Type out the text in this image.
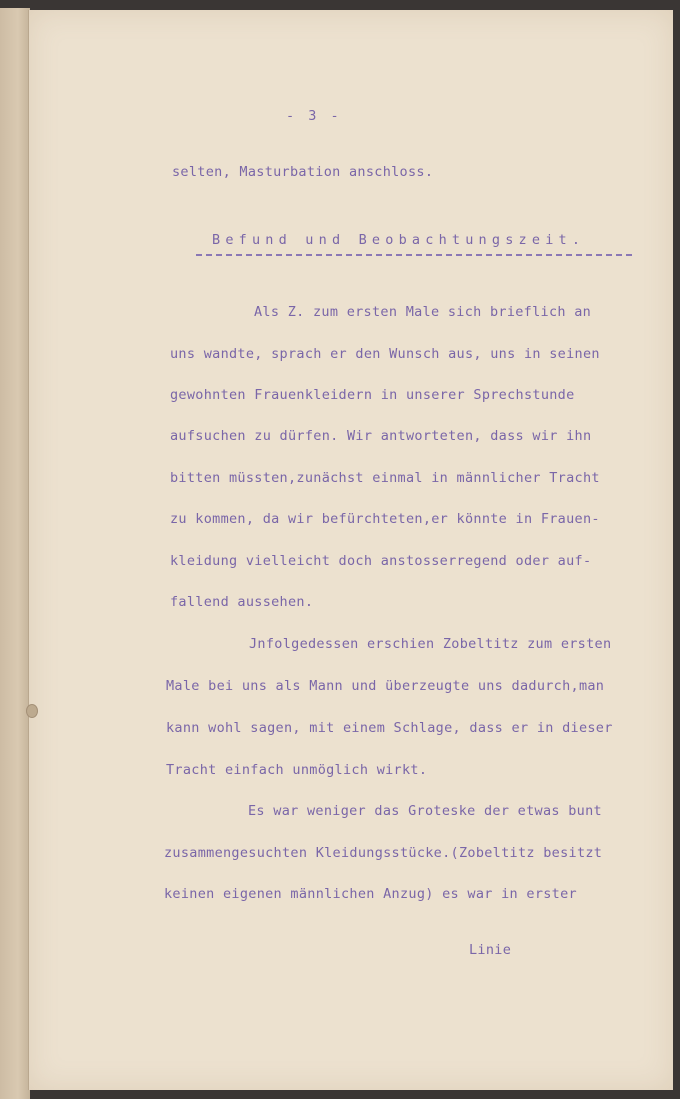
- 3 -
selten, Masturbation anschloss.
Befund und Beobachtungszeit.
Als Z. zum ersten Male sich brieflich an
uns wandte, sprach er den Wunsch aus, uns in seinen
gewohnten Frauenkleidern in unserer Sprechstunde
aufsuchen zu dürfen. Wir antworteten, dass wir ihn
bitten müssten,zunächst einmal in männlicher Tracht
zu kommen, da wir befürchteten,er könnte in Frauen-
kleidung vielleicht doch anstosserregend oder auf-
fallend aussehen.
Jnfolgedessen erschien Zobeltitz zum ersten
Male bei uns als Mann und überzeugte uns dadurch,man
kann wohl sagen, mit einem Schlage, dass er in dieser
Tracht einfach unmöglich wirkt.
Es war weniger das Groteske der etwas bunt
zusammengesuchten Kleidungsstücke.(Zobeltitz besitzt
keinen eigenen männlichen Anzug) es war in erster
Linie
